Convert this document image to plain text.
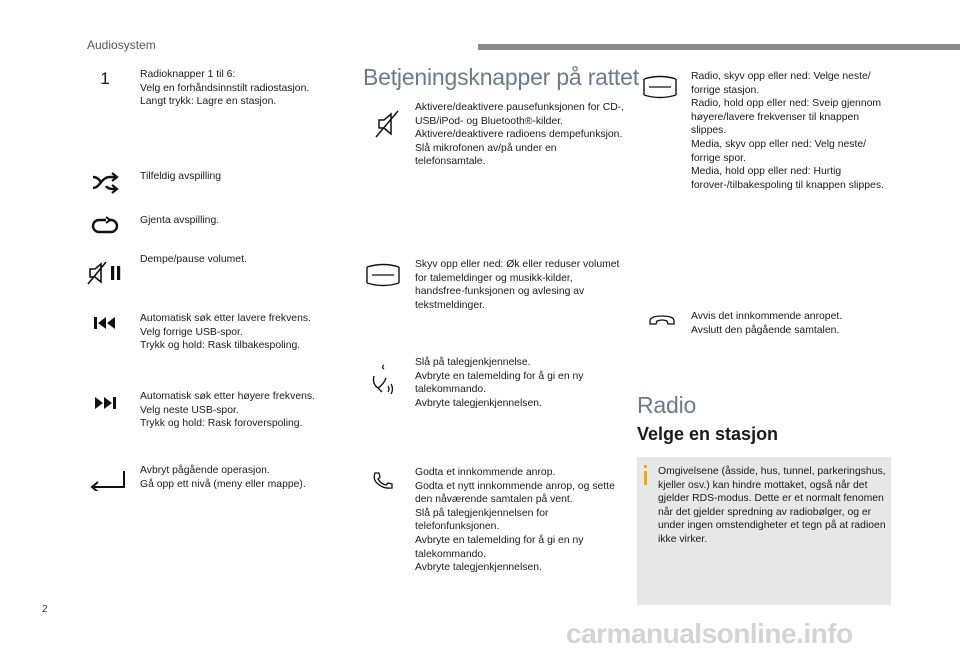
Audiosystem
1	Radioknapper 1 til 6:
Velg en forhåndsinnstilt radiostasjon.
Langt trykk: Lagre en stasjon.
Tilfeldig avspilling
Gjenta avspilling.
Dempe/pause volumet.
Automatisk søk etter lavere frekvens.
Velg forrige USB-spor.
Trykk og hold: Rask tilbakespoling.
Automatisk søk etter høyere frekvens.
Velg neste USB-spor.
Trykk og hold: Rask foroverspoling.
Avbryt pågående operasjon.
Gå opp ett nivå (meny eller mappe).
Betjeningsknapper på rattet
Aktivere/deaktivere pausefunksjonen for CD-, USB/iPod- og Bluetooth®-kilder.
Aktivere/deaktivere radioens dempefunksjon.
Slå mikrofonen av/på under en telefonsamtale.
Skyv opp eller ned: Øk eller reduser volumet for talemeldinger og musikk-kilder, handsfree-funksjonen og avlesing av tekstmeldinger.
Slå på talegjenkjennelse.
Avbryte en talemelding for å gi en ny talekommando.
Avbryte talegjenkjennelsen.
Godta et innkommende anrop.
Godta et nytt innkommende anrop, og sette den nåværende samtalen på vent.
Slå på talegjenkjennelsen for telefonfunksjonen.
Avbryte en talemelding for å gi en ny talekommando.
Avbryte talegjenkjennelsen.
Radio, skyv opp eller ned: Velge neste/ forrige stasjon.
Radio, hold opp eller ned: Sveip gjennom høyere/lavere frekvenser til knappen slippes.
Media, skyv opp eller ned: Velg neste/ forrige spor.
Media, hold opp eller ned: Hurtig forover-/tilbakespoling til knappen slippes.
Avvis det innkommende anropet.
Avslutt den pågående samtalen.
Radio
Velge en stasjon
Omgivelsene (åsside, hus, tunnel, parkeringshus, kjeller osv.) kan hindre mottaket, også når det gjelder RDS-modus. Dette er et normalt fenomen når det gjelder spredning av radiobølger, og er under ingen omstendigheter et tegn på at radioen ikke virker.
2
carmanualsonline.info
